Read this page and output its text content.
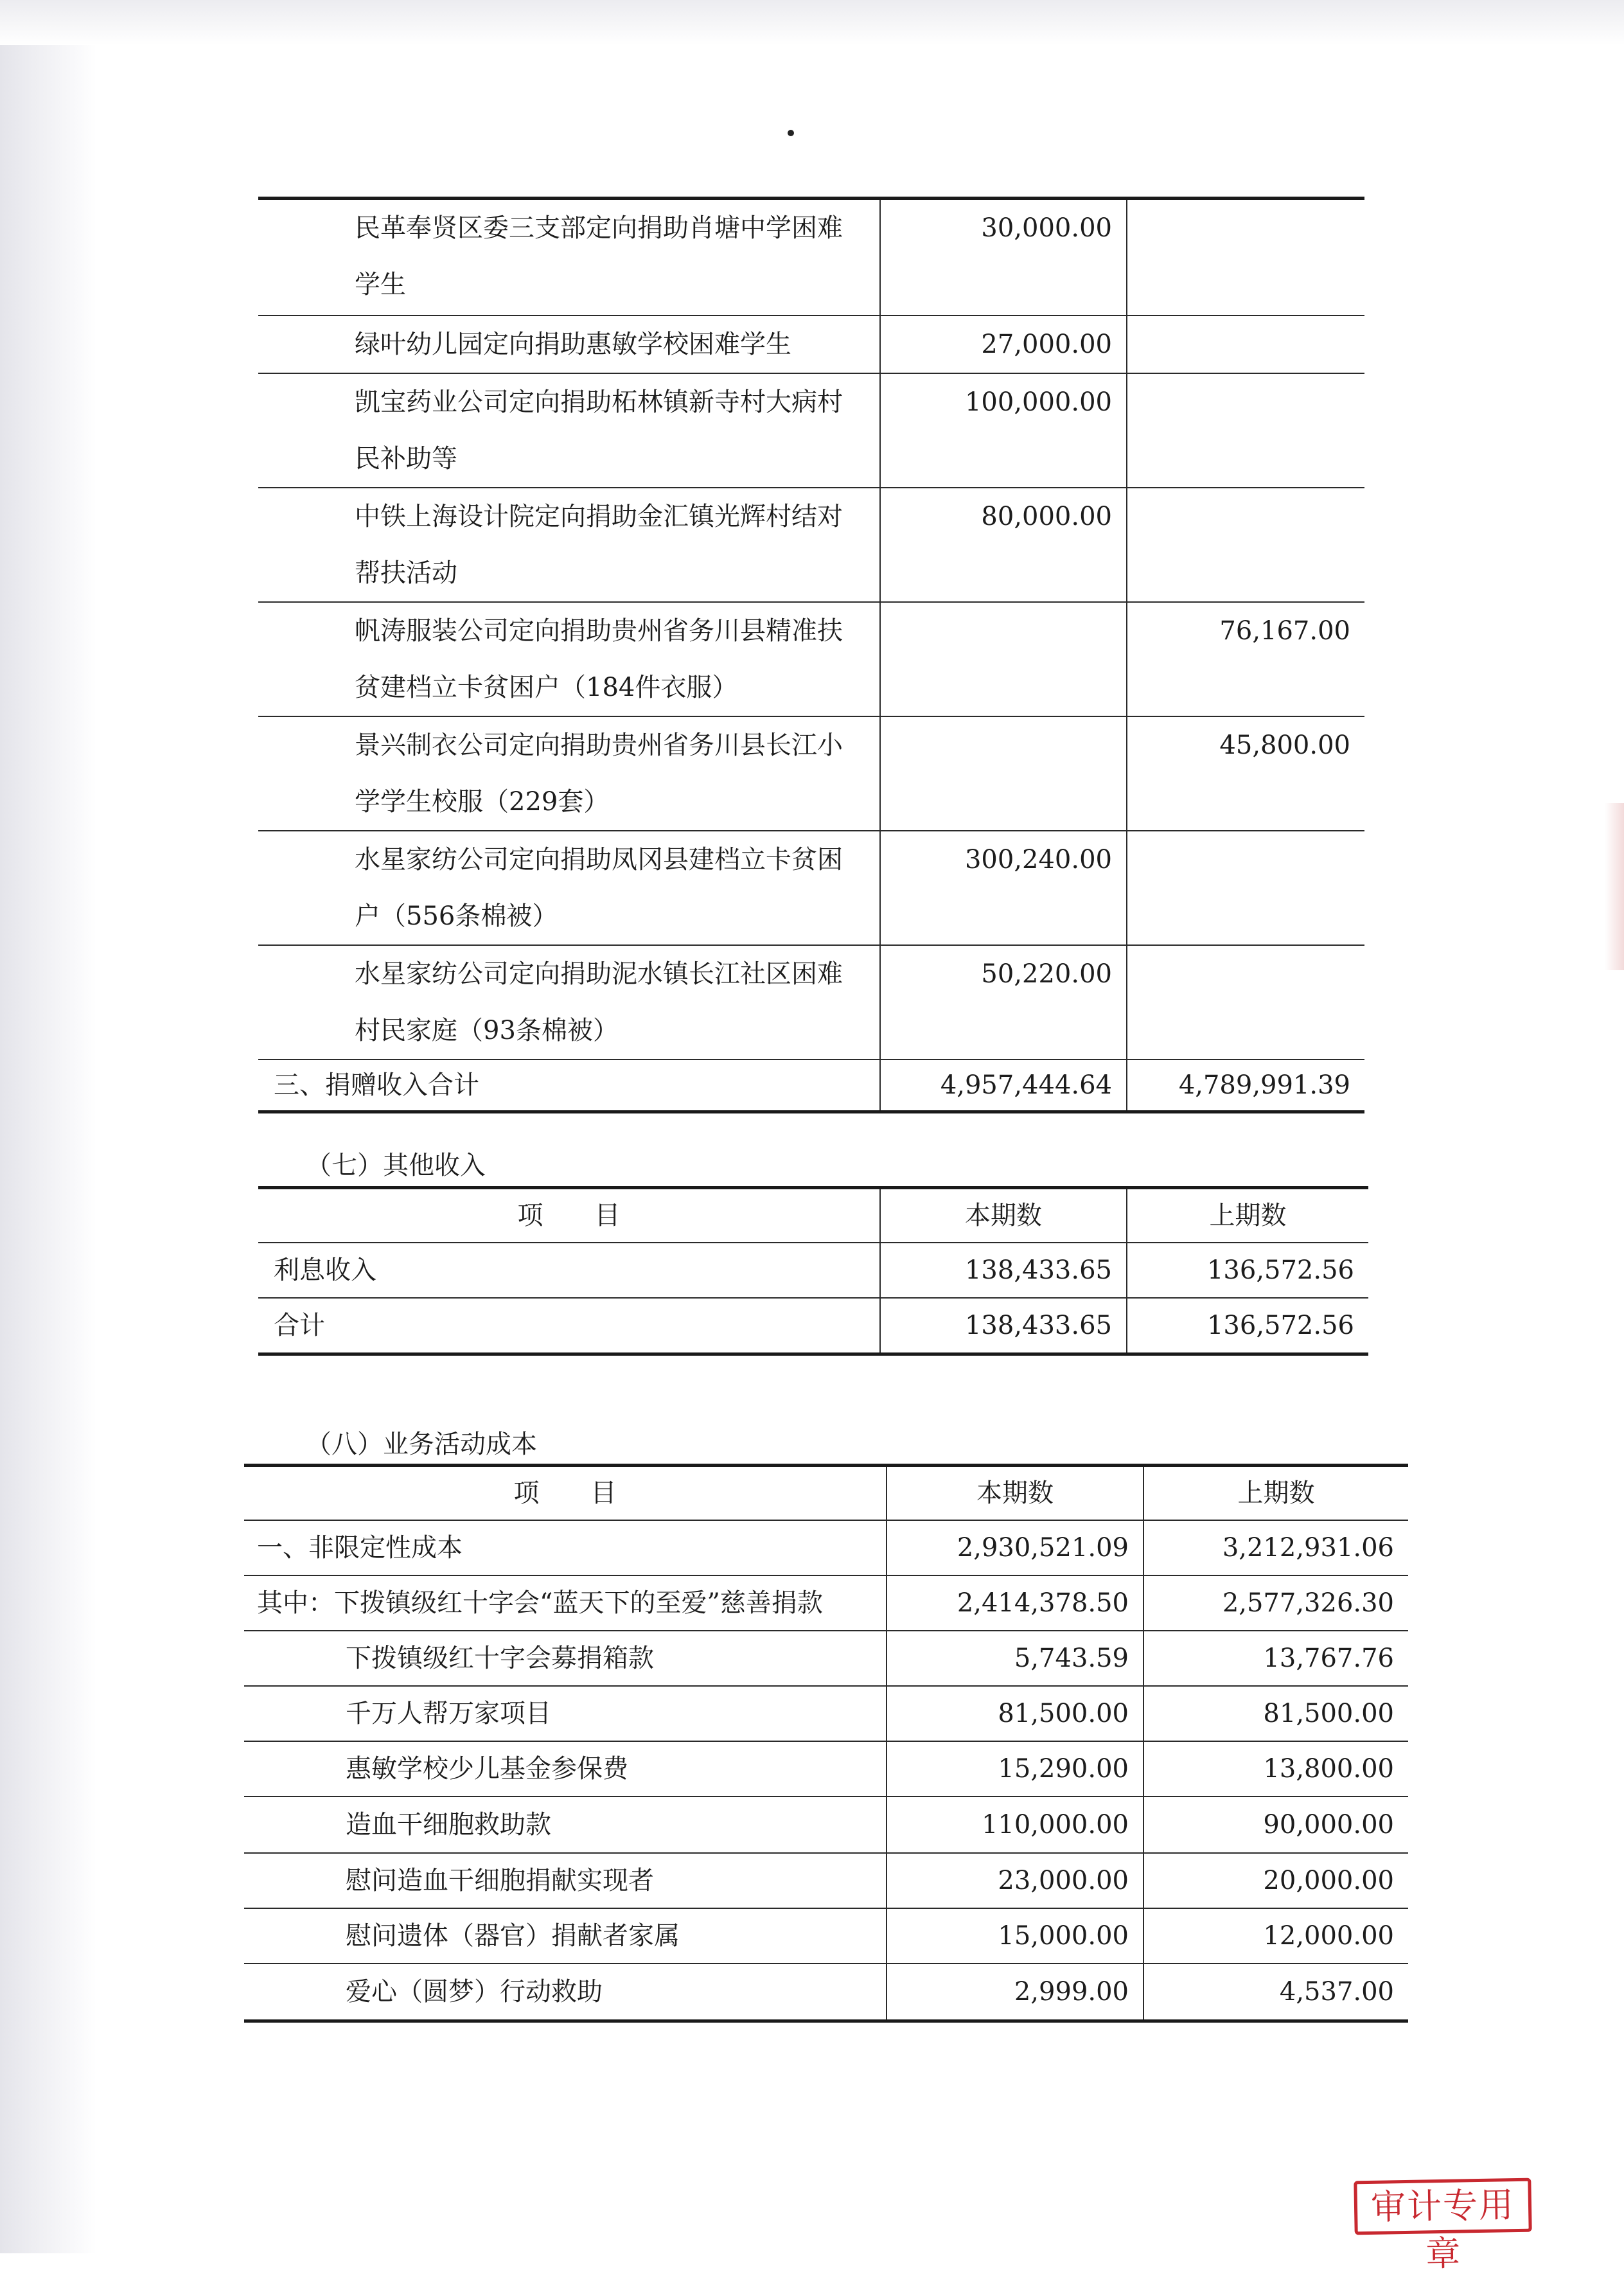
民革奉贤区委三支部定向捐助肖塘中学困难学生	30,000.00	
绿叶幼儿园定向捐助惠敏学校困难学生	27,000.00	
凯宝药业公司定向捐助柘林镇新寺村大病村民补助等	100,000.00	
中铁上海设计院定向捐助金汇镇光辉村结对帮扶活动	80,000.00	
帆涛服装公司定向捐助贵州省务川县精准扶贫建档立卡贫困户（184件衣服）		76,167.00
景兴制衣公司定向捐助贵州省务川县长江小学学生校服（229套）		45,800.00
水星家纺公司定向捐助凤冈县建档立卡贫困户（556条棉被）	300,240.00	
水星家纺公司定向捐助泥水镇长江社区困难村民家庭（93条棉被）	50,220.00	
三、捐赠收入合计	4,957,444.64	4,789,991.39
（七）其他收入
项　　目	本期数	上期数
利息收入	138,433.65	136,572.56
合计	138,433.65	136,572.56
（八）业务活动成本
项　　目	本期数	上期数
一、非限定性成本	2,930,521.09	3,212,931.06
其中：下拨镇级红十字会“蓝天下的至爱”慈善捐款	2,414,378.50	2,577,326.30
下拨镇级红十字会募捐箱款	5,743.59	13,767.76
千万人帮万家项目	81,500.00	81,500.00
惠敏学校少儿基金参保费	15,290.00	13,800.00
造血干细胞救助款	110,000.00	90,000.00
慰问造血干细胞捐献实现者	23,000.00	20,000.00
慰问遗体（器官）捐献者家属	15,000.00	12,000.00
爱心（圆梦）行动救助	2,999.00	4,537.00
审计专用章
